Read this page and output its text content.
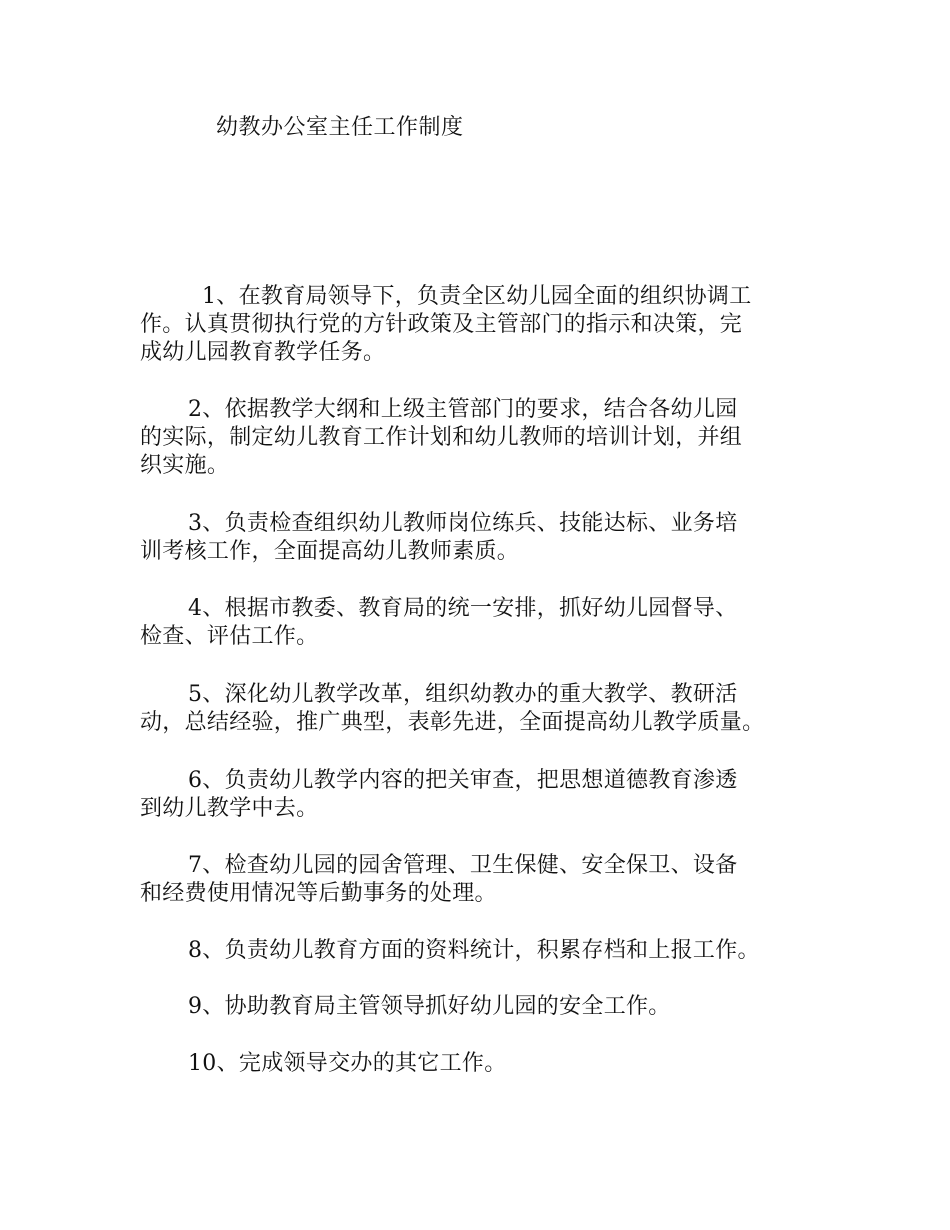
幼教办公室主任工作制度
1、在教育局领导下，负责全区幼儿园全面的组织协调工
作。认真贯彻执行党的方针政策及主管部门的指示和决策，完
成幼儿园教育教学任务。
2、依据教学大纲和上级主管部门的要求，结合各幼儿园
的实际，制定幼儿教育工作计划和幼儿教师的培训计划，并组
织实施。
3、负责检查组织幼儿教师岗位练兵、技能达标、业务培
训考核工作，全面提高幼儿教师素质。
4、根据市教委、教育局的统一安排，抓好幼儿园督导、
检查、评估工作。
5、深化幼儿教学改革，组织幼教办的重大教学、教研活
动，总结经验，推广典型，表彰先进，全面提高幼儿教学质量。
6、负责幼儿教学内容的把关审查，把思想道德教育渗透
到幼儿教学中去。
7、检查幼儿园的园舍管理、卫生保健、安全保卫、设备
和经费使用情况等后勤事务的处理。
8、负责幼儿教育方面的资料统计，积累存档和上报工作。
9、协助教育局主管领导抓好幼儿园的安全工作。
10、完成领导交办的其它工作。
